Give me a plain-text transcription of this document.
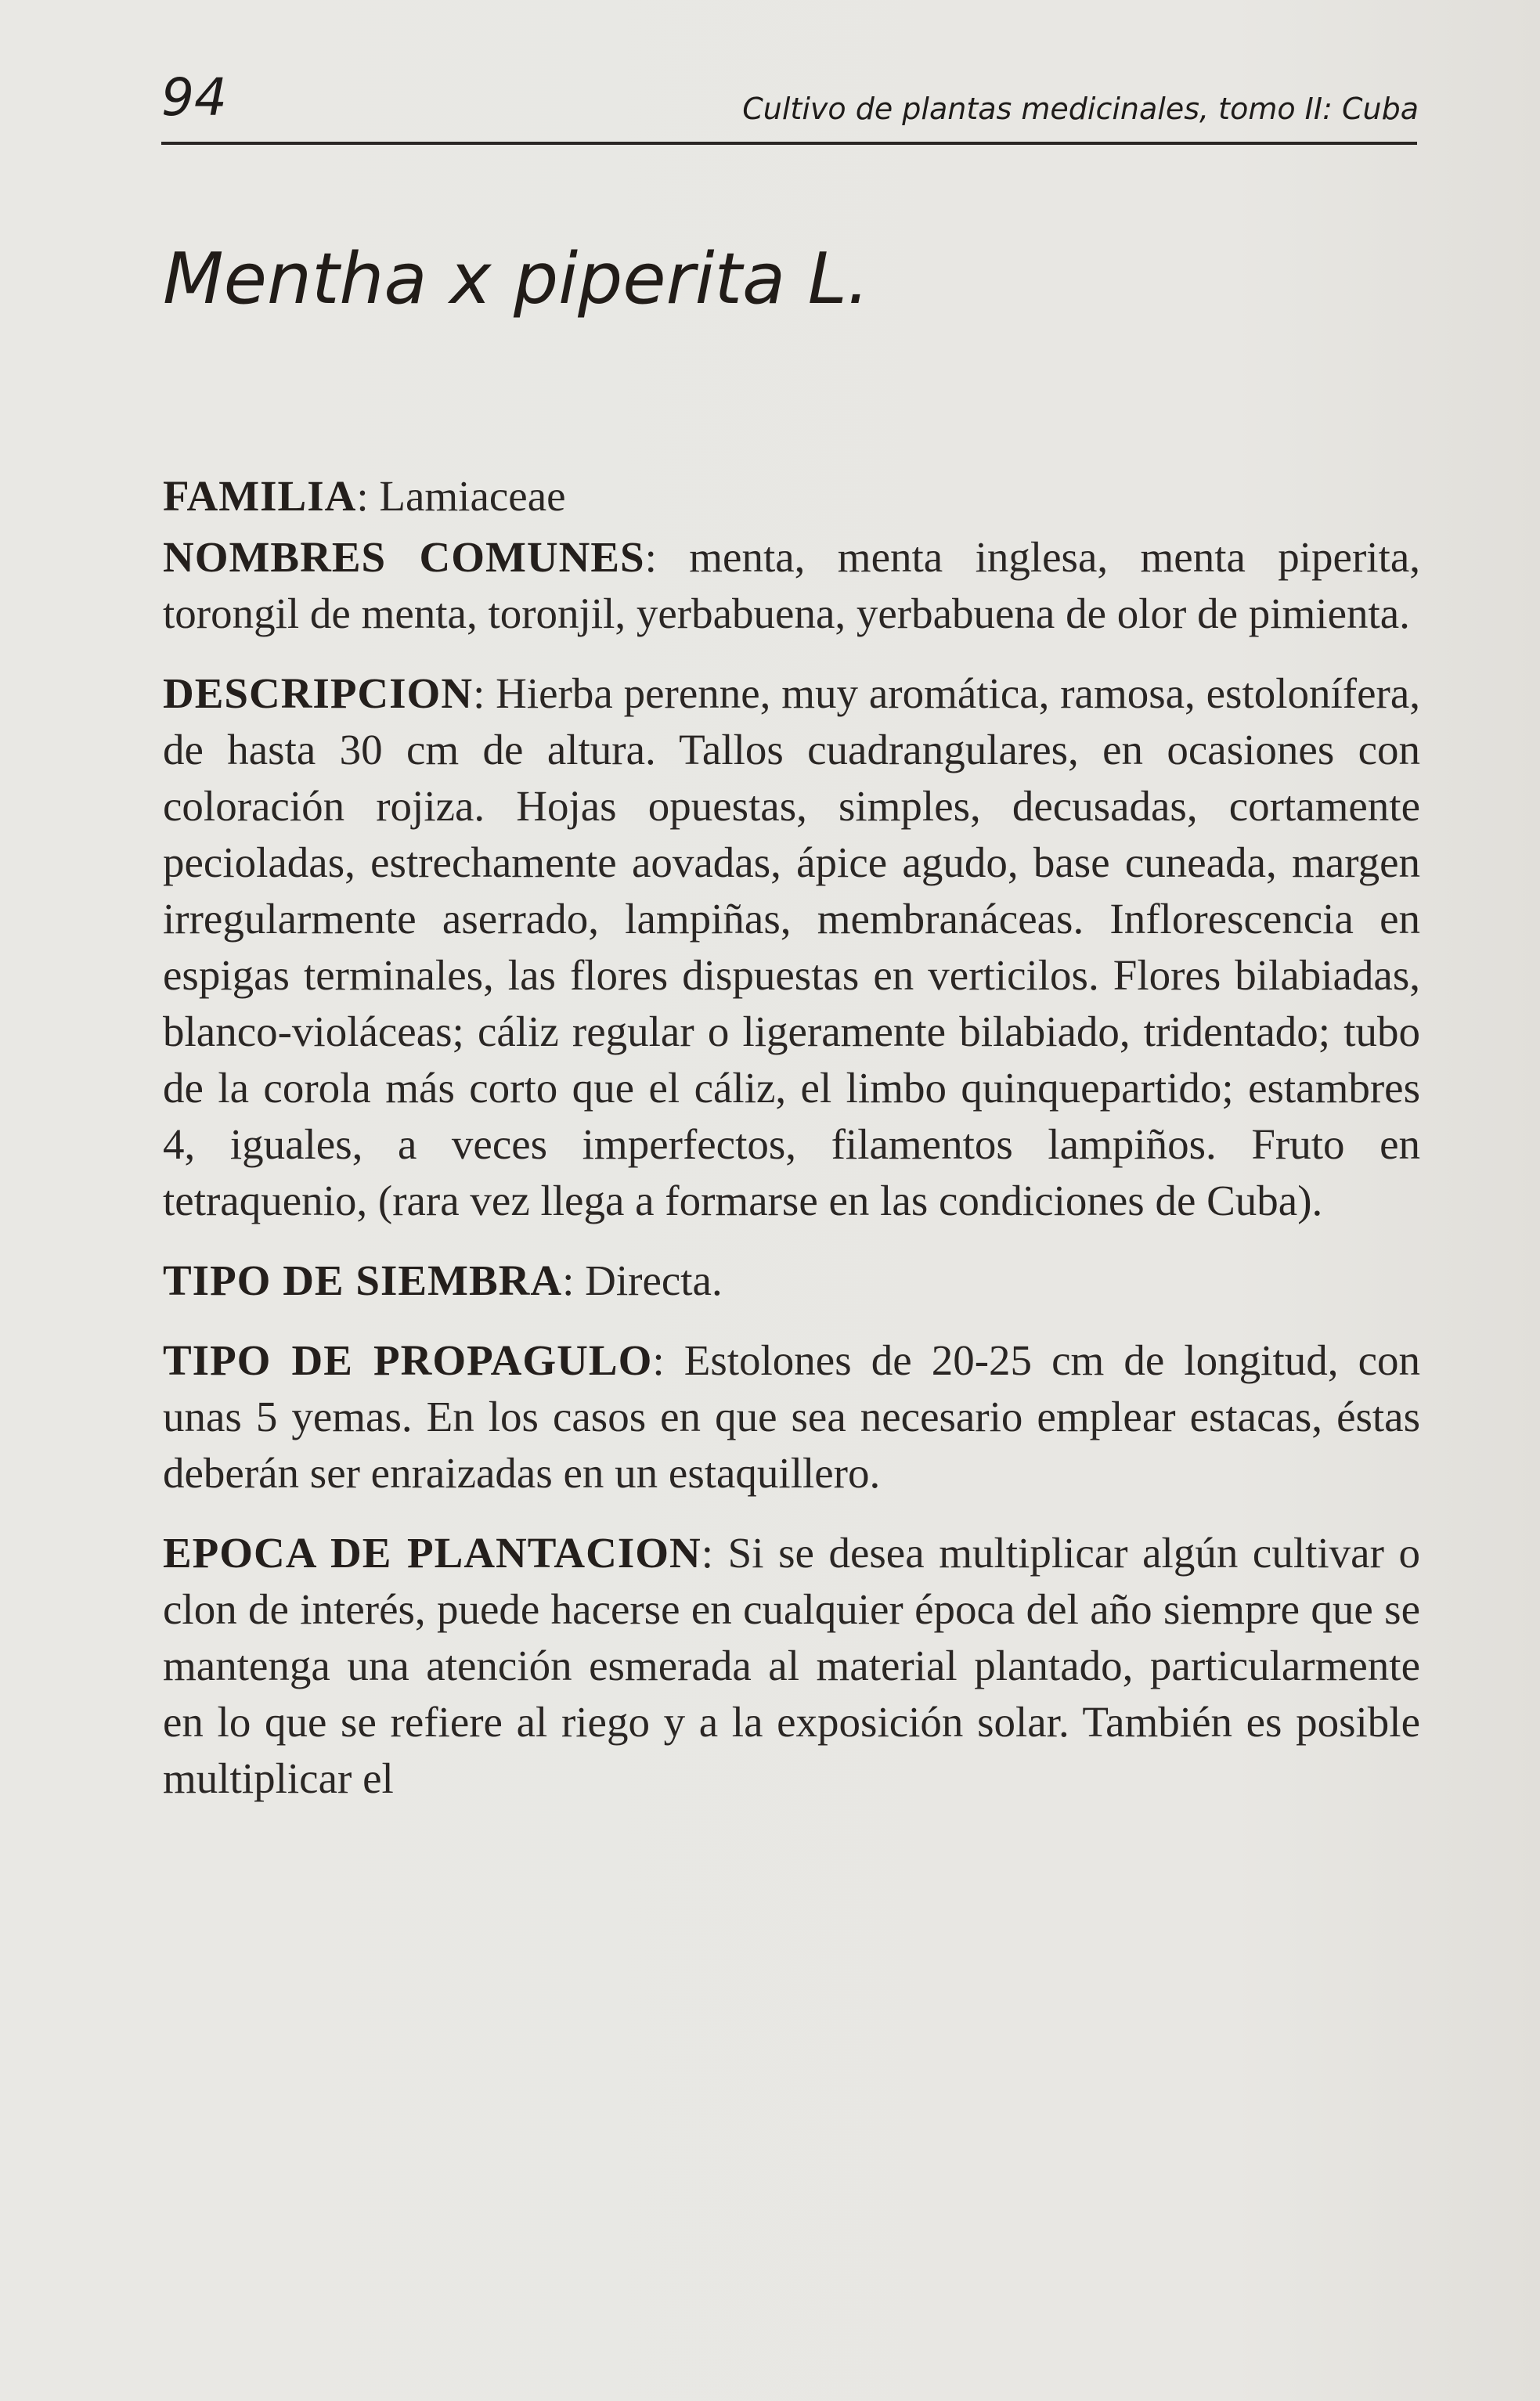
94	Cultivo de plantas medicinales, tomo II: Cuba
Mentha x piperita L.

FAMILIA: Lamiaceae

NOMBRES COMUNES: menta, menta inglesa, menta piperita, torongil de menta, toronjil, yerbabuena, yerbabuena de olor de pimienta.

DESCRIPCION: Hierba perenne, muy aromática, ramosa, estolonífera, de hasta 30 cm de altura. Tallos cuadrangulares, en ocasiones con coloración rojiza. Hojas opuestas, simples, decusadas, cortamente pecioladas, estrechamente aovadas, ápice agudo, base cuneada, margen irregularmente aserrado, lampiñas, membranáceas. Inflorescencia en espigas terminales, las flores dispuestas en verticilos. Flores bilabiadas, blanco-violáceas; cáliz regular o ligeramente bilabiado, tridentado; tubo de la corola más corto que el cáliz, el limbo quinquepartido; estambres 4, iguales, a veces imperfectos, filamentos lampiños. Fruto en tetraquenio, (rara vez llega a formarse en las condiciones de Cuba).

TIPO DE SIEMBRA: Directa.

TIPO DE PROPAGULO: Estolones de 20-25 cm de longitud, con unas 5 yemas. En los casos en que sea necesario emplear estacas, éstas deberán ser enraizadas en un estaquillero.

EPOCA DE PLANTACION: Si se desea multiplicar algún cultivar o clon de interés, puede hacerse en cualquier época del año siempre que se mantenga una atención esmerada al material plantado, particularmente en lo que se refiere al riego y a la exposición solar. También es posible multiplicar el
